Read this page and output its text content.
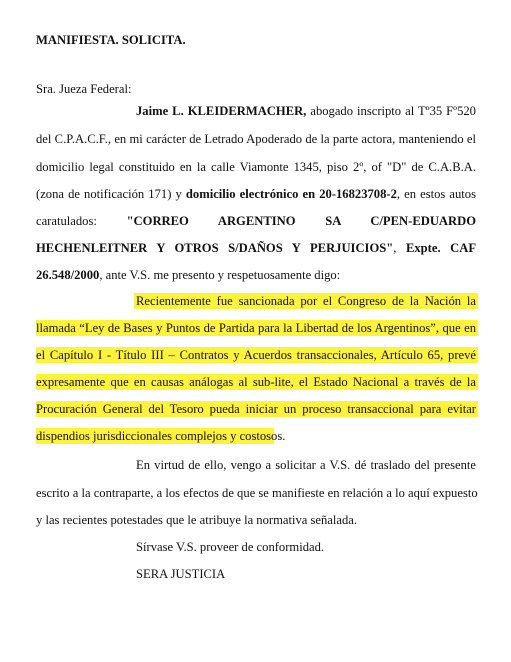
MANIFIESTA. SOLICITA.
Sra. Jueza Federal:
Jaime L. KLEIDERMACHER, abogado inscripto al Tº35 Fº520
del C.P.A.C.F., en mi carácter de Letrado Apoderado de la parte actora, manteniendo el
domicilio legal constituido en la calle Viamonte 1345, piso 2º, of "D" de C.A.B.A.
(zona de notificación 171) y domicilio electrónico en 20-16823708-2, en estos autos
caratulados: "CORREO ARGENTINO SA C/PEN-EDUARDO
HECHENLEITNER Y OTROS S/DAÑOS Y PERJUICIOS", Expte. CAF
26.548/2000, ante V.S. me presento y respetuosamente digo:
Recientemente fue sancionada por el Congreso de la Nación la
llamada “Ley de Bases y Puntos de Partida para la Libertad de los Argentinos”, que en
el Capítulo I - Título III – Contratos y Acuerdos transaccionales, Artículo 65, prevé
expresamente que en causas análogas al sub-lite, el Estado Nacional a través de la
Procuración General del Tesoro pueda iniciar un proceso transaccional para evitar
dispendios jurisdiccionales complejos y costosos.
En virtud de ello, vengo a solicitar a V.S. dé traslado del presente
escrito a la contraparte, a los efectos de que se manifieste en relación a lo aquí expuesto
y las recientes potestades que le atribuye la normativa señalada.
Sírvase V.S. proveer de conformidad.
SERA JUSTICIA
